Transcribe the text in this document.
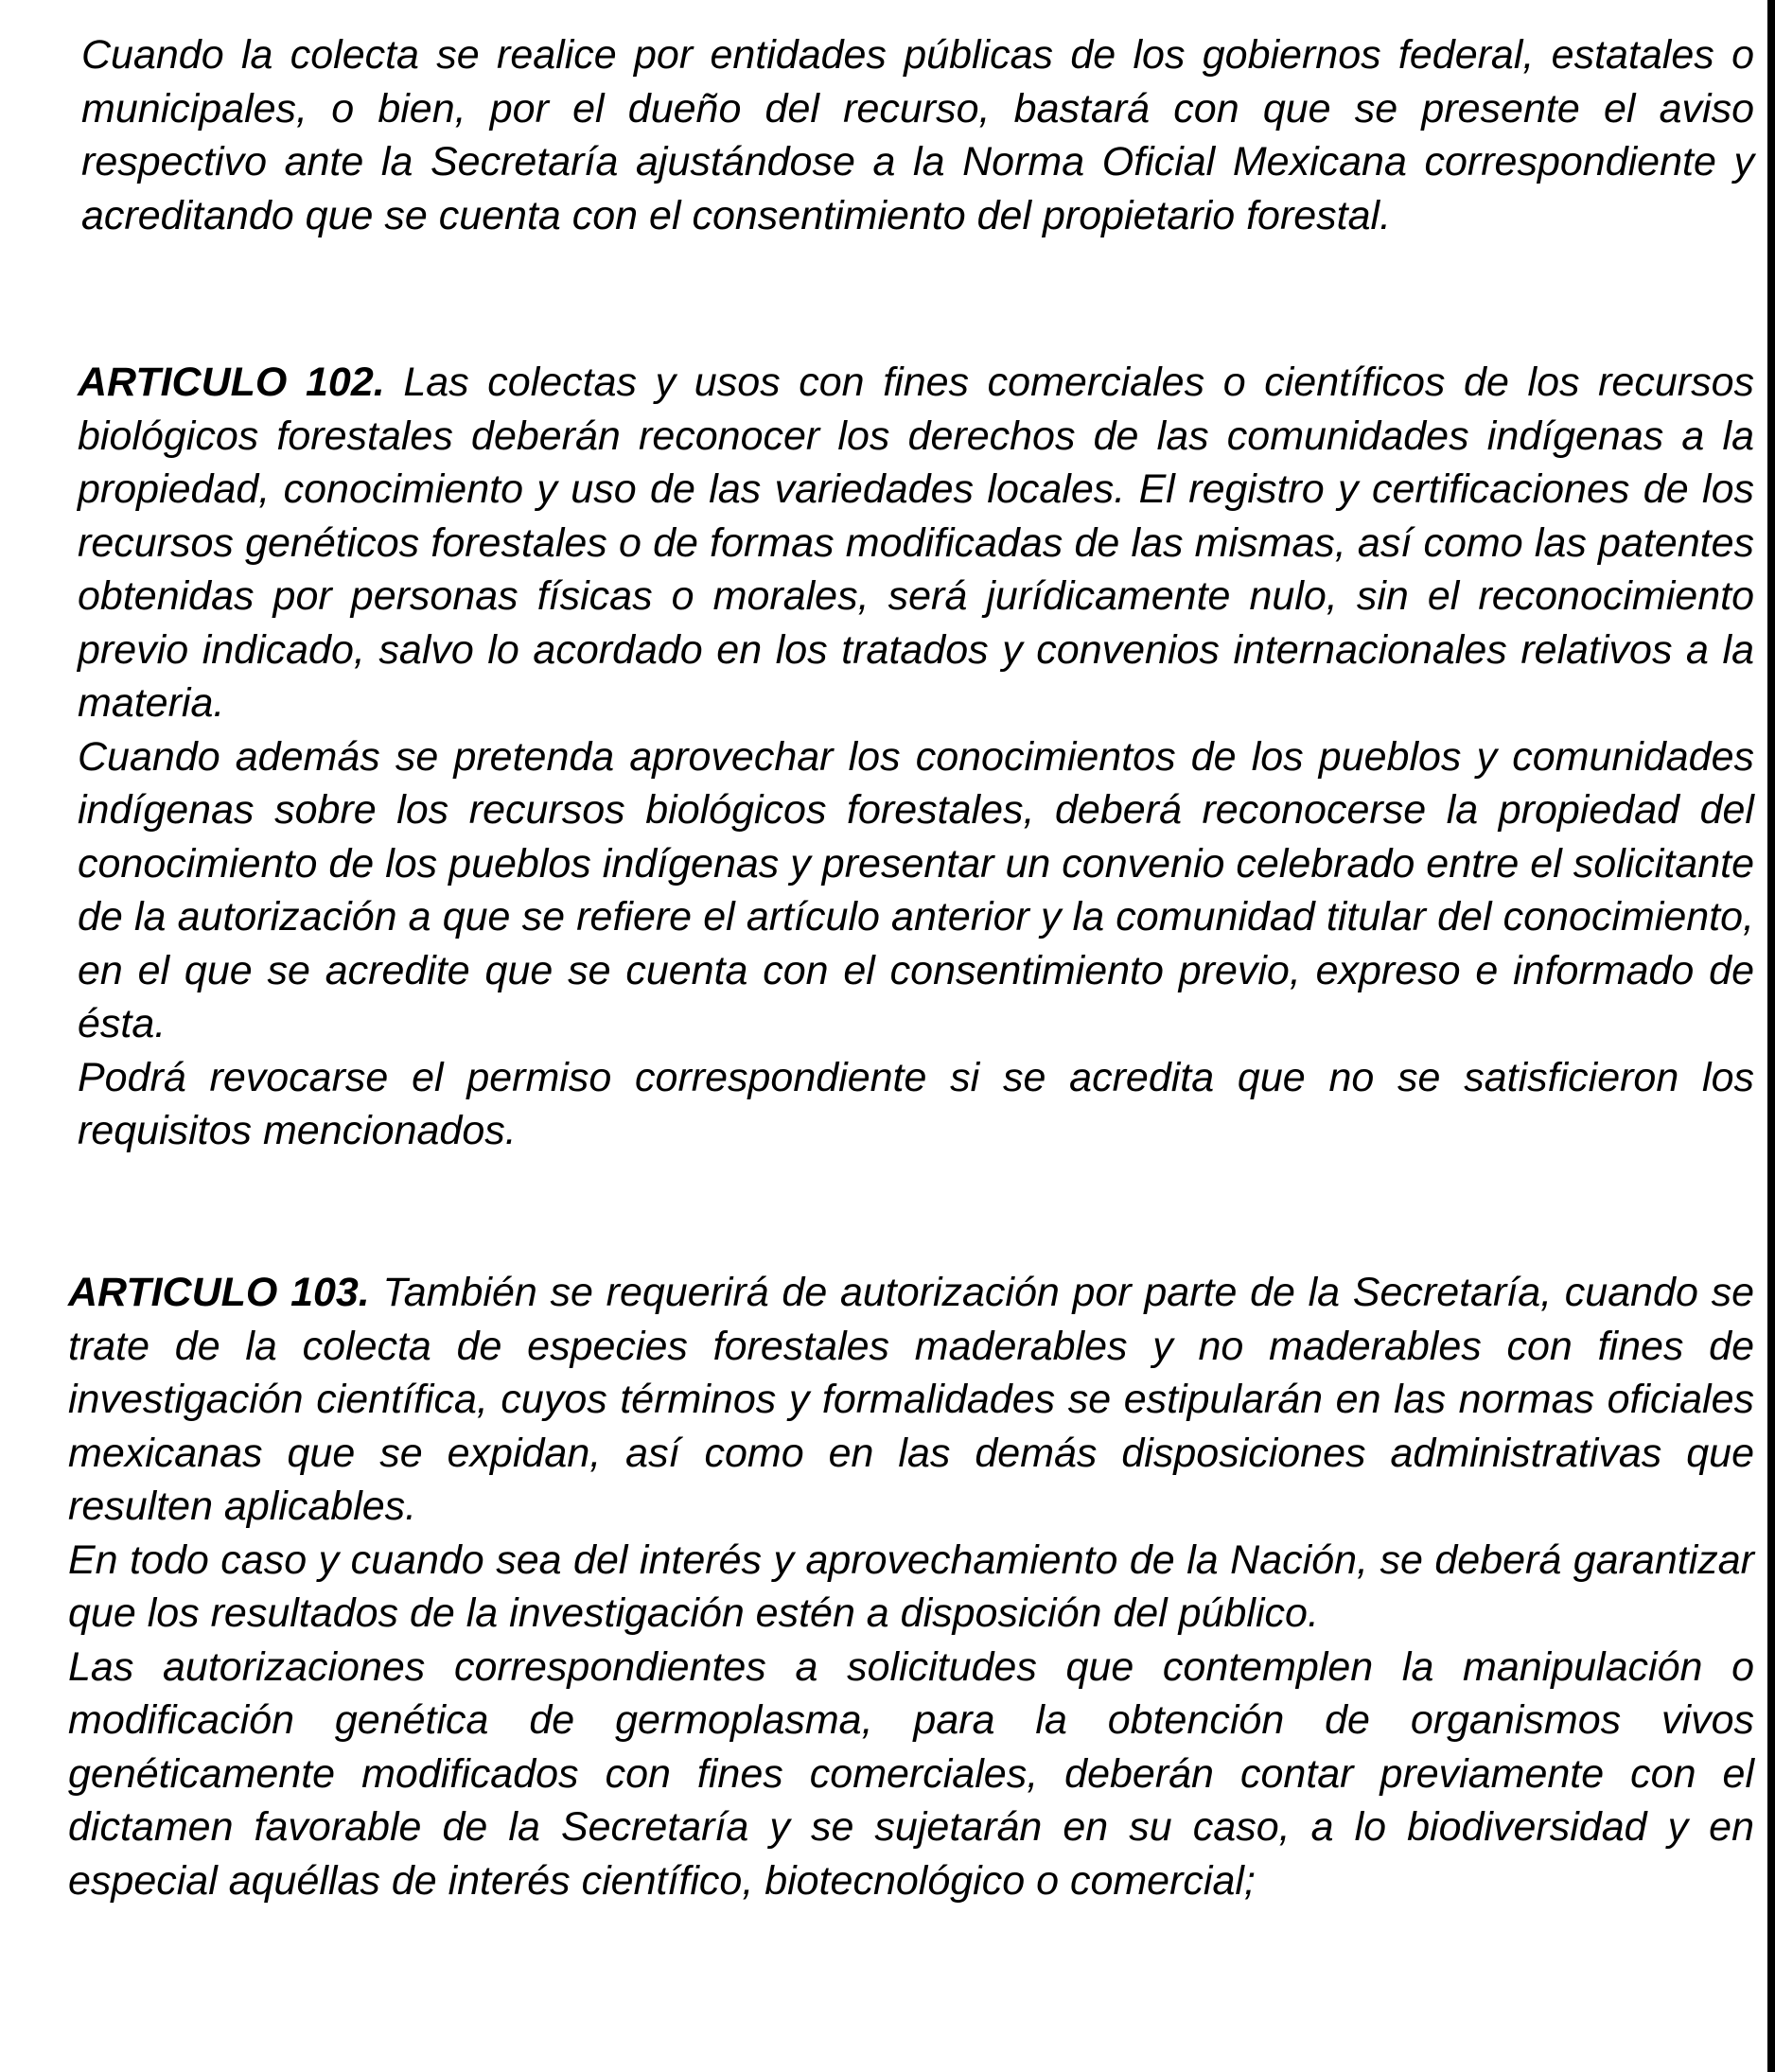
Cuando la colecta se realice por entidades públicas de los gobiernos federal, estatales o municipales, o bien, por el dueño del recurso, bastará con que se presente el aviso respectivo ante la Secretaría ajustándose a la Norma Oficial Mexicana correspondiente y acreditando que se cuenta con el consentimiento del propietario forestal.

ARTICULO 102. Las colectas y usos con fines comerciales o científicos de los recursos biológicos forestales deberán reconocer los derechos de las comunidades indígenas a la propiedad, conocimiento y uso de las variedades locales. El registro y certificaciones de los recursos genéticos forestales o de formas modificadas de las mismas, así como las patentes obtenidas por personas físicas o morales, será jurídicamente nulo, sin el reconocimiento previo indicado, salvo lo acordado en los tratados y convenios internacionales relativos a la materia.

Cuando además se pretenda aprovechar los conocimientos de los pueblos y comunidades indígenas sobre los recursos biológicos forestales, deberá reconocerse la propiedad del conocimiento de los pueblos indígenas y presentar un convenio celebrado entre el solicitante de la autorización a que se refiere el artículo anterior y la comunidad titular del conocimiento, en el que se acredite que se cuenta con el consentimiento previo, expreso e informado de ésta.

Podrá revocarse el permiso correspondiente si se acredita que no se satisficieron los requisitos mencionados.

ARTICULO 103. También se requerirá de autorización por parte de la Secretaría, cuando se trate de la colecta de especies forestales maderables y no maderables con fines de investigación científica, cuyos términos y formalidades se estipularán en las normas oficiales mexicanas que se expidan, así como en las demás disposiciones administrativas que resulten aplicables.

En todo caso y cuando sea del interés y aprovechamiento de la Nación, se deberá garantizar que los resultados de la investigación estén a disposición del público.

Las autorizaciones correspondientes a solicitudes que contemplen la manipulación o modificación genética de germoplasma, para la obtención de organismos vivos genéticamente modificados con fines comerciales, deberán contar previamente con el dictamen favorable de la Secretaría y se sujetarán en su caso, a lo biodiversidad y en especial aquéllas de interés científico, biotecnológico o comercial;
